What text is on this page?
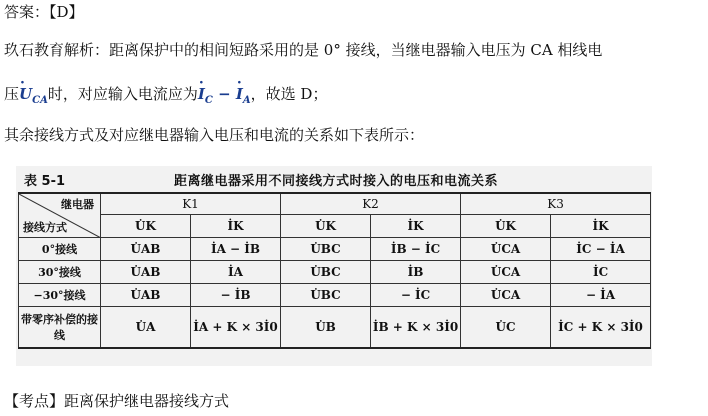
答案：【D】
玖石教育解析：距离保护中的相间短路采用的是 0° 接线，当继电器输入电压为 CA 相线电
压· $U_{CA}$时，对应输入电流应为· $I_C$ − · $I_A$，故选 D；
其余接线方式及对应继电器输入电压和电流的关系如下表所示：
表 5-1	距离继电器采用不同接线方式时接入的电压和电流关系
继电器
接线方式	K1		K2		K3	
	U̇K	İK	U̇K	İK	U̇K	İK
0°接线	U̇AB	İA − İB	U̇BC	İB − İC	U̇CA	İC − İA
30°接线	U̇AB	İA	U̇BC	İB	U̇CA	İC
−30°接线	U̇AB	− İB	U̇BC	− İC	U̇CA	− İA
带零序补偿的接线	U̇A	İA + K × 3İ0	U̇B	İB + K × 3İ0	U̇C	İC + K × 3İ0
【考点】距离保护继电器接线方式
